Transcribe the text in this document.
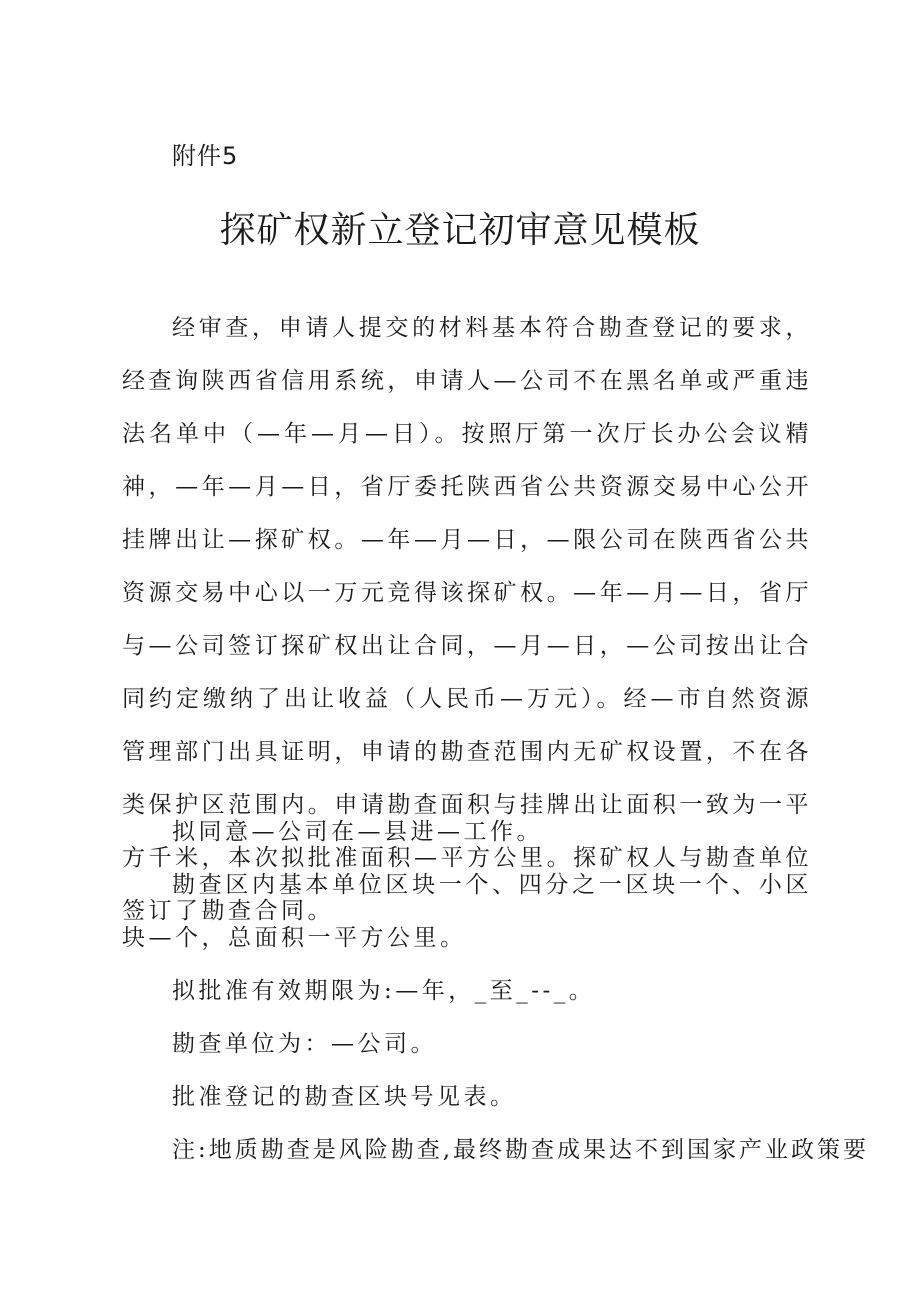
附件5
探矿权新立登记初审意见模板

经审查，申请人提交的材料基本符合勘查登记的要求，经查询陕西省信用系统，申请人—公司不在黑名单或严重违法名单中（—年—月—日）。按照厅第一次厅长办公会议精神，—年—月—日，省厅委托陕西省公共资源交易中心公开挂牌出让—探矿权。—年—月—日，—限公司在陕西省公共资源交易中心以一万元竞得该探矿权。—年—月—日，省厅与—公司签订探矿权出让合同，—月—日，—公司按出让合同约定缴纳了出让收益（人民币—万元）。经—市自然资源管理部门出具证明，申请的勘查范围内无矿权设置，不在各类保护区范围内。申请勘查面积与挂牌出让面积一致为一平方千米，本次拟批准面积—平方公里。探矿权人与勘查单位签订了勘查合同。

拟同意—公司在—县进—工作。

勘查区内基本单位区块一个、四分之一区块一个、小区块—个，总面积一平方公里。

拟批准有效期限为:—年，_至_--_。

勘查单位为：—公司。

批准登记的勘查区块号见表。

注:地质勘查是风险勘查,最终勘查成果达不到国家产业政策要
